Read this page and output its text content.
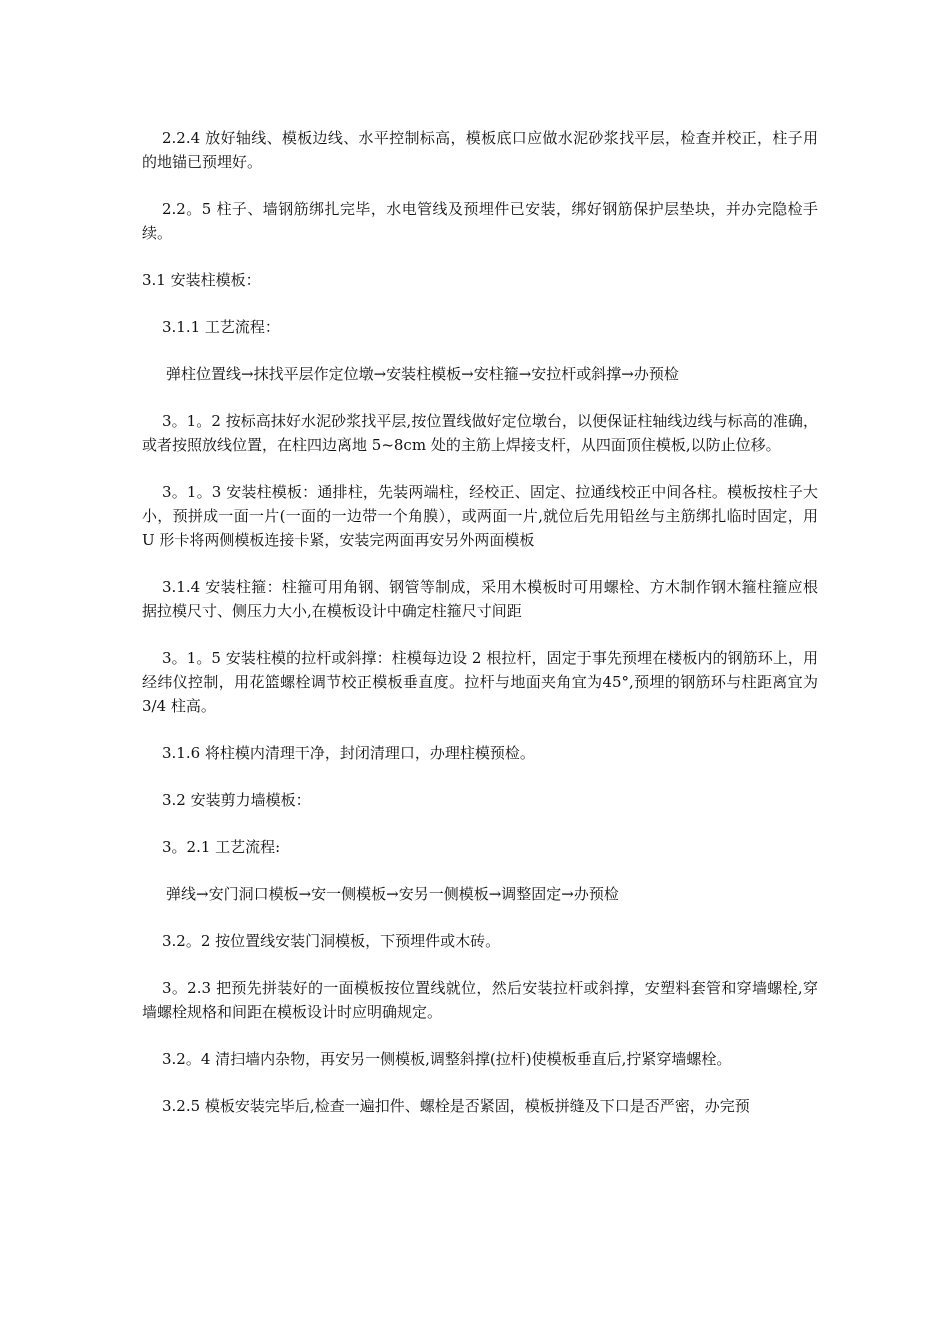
2.2.4 放好轴线、模板边线、水平控制标高，模板底口应做水泥砂浆找平层，检查并校正，柱子用的地锚已预埋好。

2.2。5 柱子、墙钢筋绑扎完毕，水电管线及预埋件已安装，绑好钢筋保护层垫块，并办完隐检手续。

3.1 安装柱模板：

3.1.1 工艺流程：

弹柱位置线→抹找平层作定位墩→安装柱模板→安柱箍→安拉杆或斜撑→办预检

3。1。2 按标高抹好水泥砂浆找平层,按位置线做好定位墩台，以便保证柱轴线边线与标高的准确，或者按照放线位置，在柱四边离地 5~8cm 处的主筋上焊接支杆，从四面顶住模板,以防止位移。

3。1。3 安装柱模板：通排柱，先装两端柱，经校正、固定、拉通线校正中间各柱。模板按柱子大小，预拼成一面一片(一面的一边带一个角膜），或两面一片,就位后先用铅丝与主筋绑扎临时固定，用 U 形卡将两侧模板连接卡紧，安装完两面再安另外两面模板

3.1.4 安装柱箍：柱箍可用角钢、钢管等制成，采用木模板时可用螺栓、方木制作钢木箍柱箍应根据拉模尺寸、侧压力大小,在模板设计中确定柱箍尺寸间距

3。1。5 安装柱模的拉杆或斜撑：柱模每边设 2 根拉杆，固定于事先预埋在楼板内的钢筋环上，用经纬仪控制，用花篮螺栓调节校正模板垂直度。拉杆与地面夹角宜为45°,预埋的钢筋环与柱距离宜为 3/4 柱高。

3.1.6 将柱模内清理干净，封闭清理口，办理柱模预检。

3.2 安装剪力墙模板：

3。2.1 工艺流程:

弹线→安门洞口模板→安一侧模板→安另一侧模板→调整固定→办预检

3.2。2 按位置线安装门洞模板，下预埋件或木砖。

3。2.3 把预先拼装好的一面模板按位置线就位，然后安装拉杆或斜撑，安塑料套管和穿墙螺栓,穿墙螺栓规格和间距在模板设计时应明确规定。

3.2。4 清扫墙内杂物，再安另一侧模板,调整斜撑(拉杆)使模板垂直后,拧紧穿墙螺栓。

3.2.5 模板安装完毕后,检查一遍扣件、螺栓是否紧固，模板拼缝及下口是否严密，办完预
